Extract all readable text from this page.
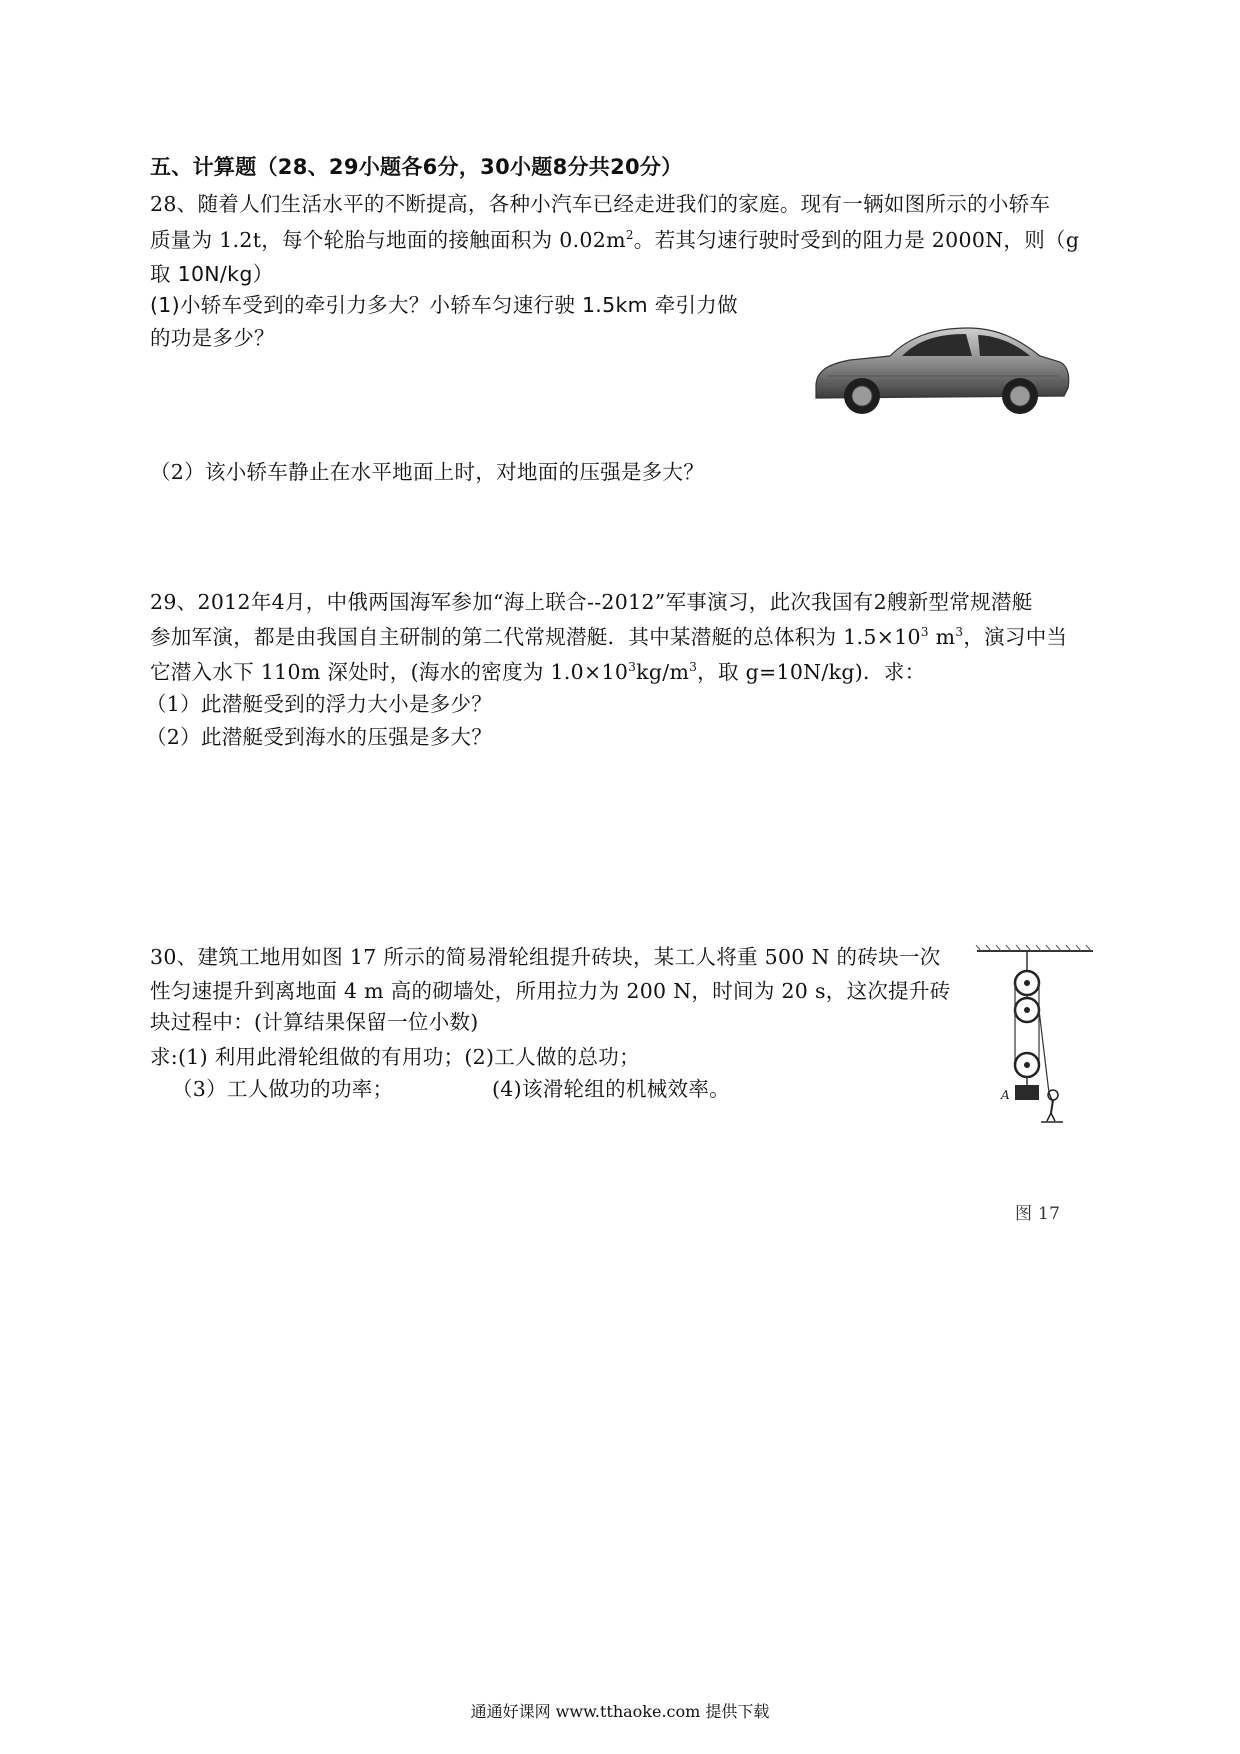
五、计算题（28、29小题各6分，30小题8分共20分）
28、随着人们生活水平的不断提高，各种小汽车已经走进我们的家庭。现有一辆如图所示的小轿车
质量为 1.2t，每个轮胎与地面的接触面积为 $0.02m^2$。若其匀速行驶时受到的阻力是 2000N，则（g
取 10N/kg）
(1)小轿车受到的牵引力多大？小轿车匀速行驶 1.5km 牵引力做
的功是多少？
（2）该小轿车静止在水平地面上时，对地面的压强是多大？
29、2012年4月，中俄两国海军参加“海上联合--2012”军事演习，此次我国有2艘新型常规潜艇
参加军演，都是由我国自主研制的第二代常规潜艇．其中某潜艇的总体积为 $1.5\times 10^3$ $m^3$，演习中当
它潜入水下 110m 深处时，(海水的密度为 $1.0\times 10^3kg/m^3$，取 g=10N/kg)．求：
（1）此潜艇受到的浮力大小是多少？
（2）此潜艇受到海水的压强是多大？
30、建筑工地用如图 17 所示的简易滑轮组提升砖块，某工人将重 500 N 的砖块一次
性匀速提升到离地面 4 m 高的砌墙处，所用拉力为 200 N，时间为 20 s，这次提升砖
块过程中：(计算结果保留一位小数)
求:(1) 利用此滑轮组做的有用功；(2)工人做的总功；
（3）工人做功的功率；	(4)该滑轮组的机械效率。	A
图 17
通通好课网 www.tthaoke.com 提供下载
